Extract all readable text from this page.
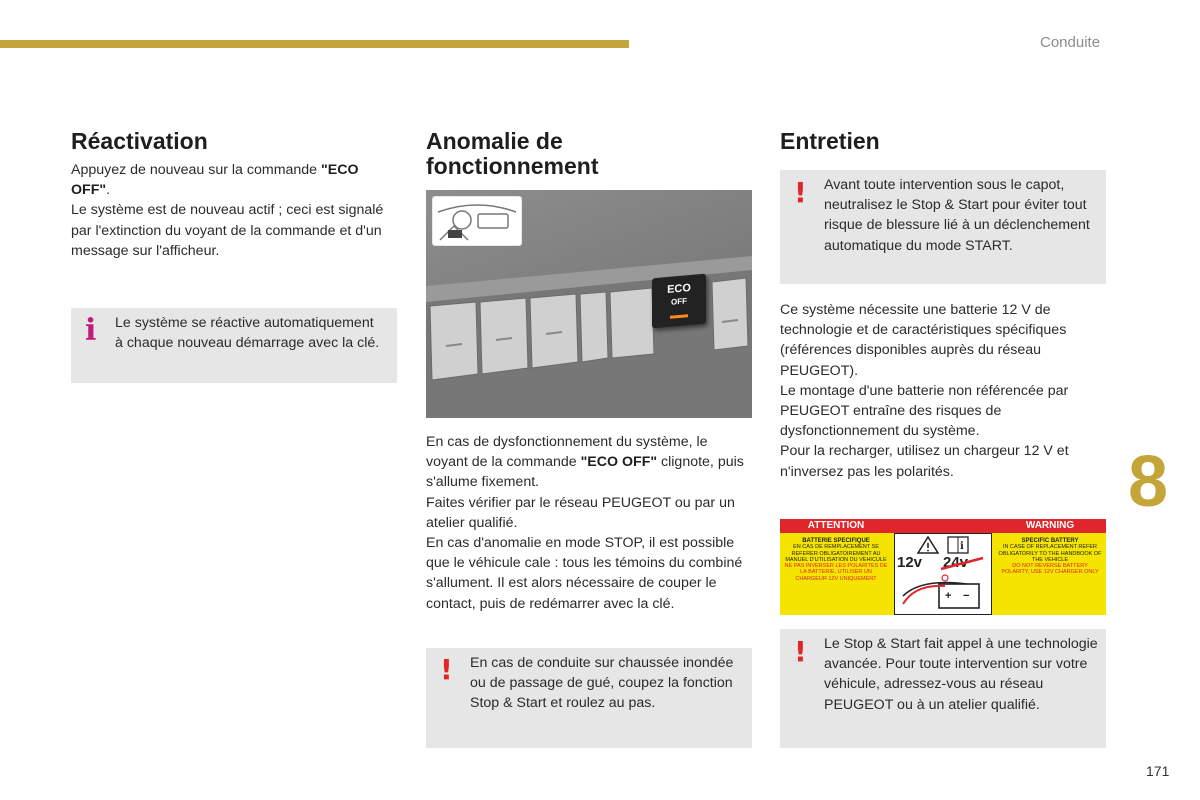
Conduite
Réactivation
Appuyez de nouveau sur la commande "ECO OFF".
Le système est de nouveau actif ; ceci est signalé par l'extinction du voyant de la commande et d'un message sur l'afficheur.
i Le système se réactive automatiquement à chaque nouveau démarrage avec la clé.
Anomalie de fonctionnement
ECO
OFF
En cas de dysfonctionnement du système, le voyant de la commande "ECO OFF" clignote, puis s'allume fixement.
Faites vérifier par le réseau PEUGEOT ou par un atelier qualifié.
En cas d'anomalie en mode STOP, il est possible que le véhicule cale : tous les témoins du combiné s'allument. Il est alors nécessaire de couper le contact, puis de redémarrer avec la clé.
! En cas de conduite sur chaussée inondée ou de passage de gué, coupez la fonction Stop & Start et roulez au pas.
Entretien
! Avant toute intervention sous le capot, neutralisez le Stop & Start pour éviter tout risque de blessure lié à un déclenchement automatique du mode START.
Ce système nécessite une batterie 12 V de technologie et de caractéristiques spécifiques (références disponibles auprès du réseau PEUGEOT).
Le montage d'une batterie non référencée par PEUGEOT entraîne des risques de dysfonctionnement du système.
Pour la recharger, utilisez un chargeur 12 V et n'inversez pas les polarités.
ATTENTION	WARNING
BATTERIE SPECIFIQUE
EN CAS DE REMPLACEMENT SE REFERER OBLIGATOIREMENT AU MANUEL D'UTILISATION DU VEHICULE
NE PAS INVERSER LES POLARITES DE LA BATTERIE, UTILISER UN CHARGEUR 12V UNIQUEMENT
SPECIFIC BATTERY
IN CASE OF REPLACEMENT REFER OBLIGATORILY TO THE HANDBOOK OF THE VEHICLE
DO NOT REVERSE BATTERY POLARITY, USE 12V CHARGER ONLY
i
12v 24v
+ −
! Le Stop & Start fait appel à une technologie avancée. Pour toute intervention sur votre véhicule, adressez-vous au réseau PEUGEOT ou à un atelier qualifié.
8
171
